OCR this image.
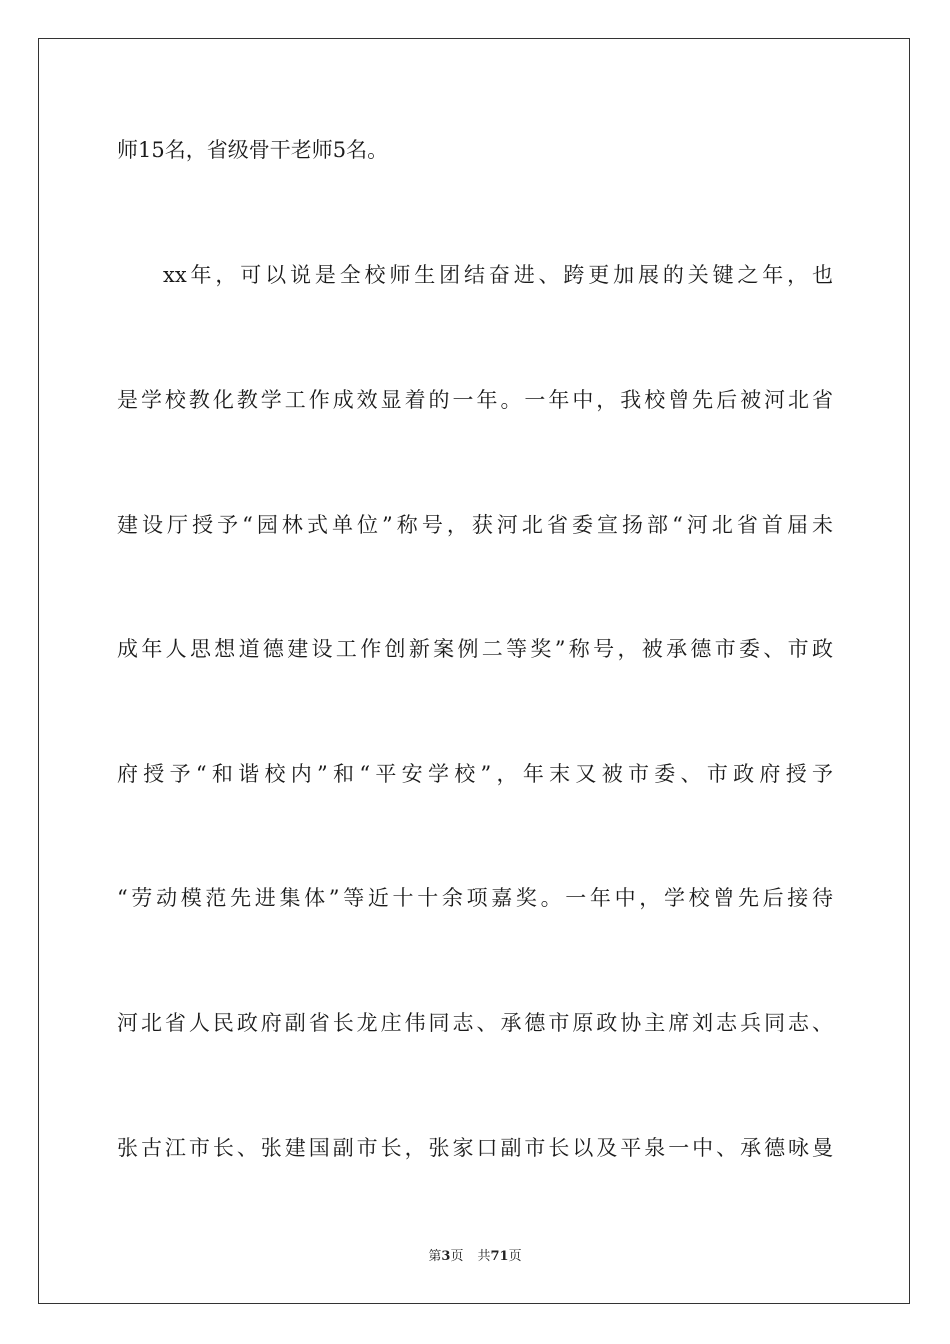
师15名，省级骨干老师5名。
xx年，可以说是全校师生团结奋进、跨更加展的关键之年，也
是学校教化教学工作成效显着的一年。一年中，我校曾先后被河北省
建设厅授予“园林式单位”称号，获河北省委宣扬部“河北省首届未
成年人思想道德建设工作创新案例二等奖”称号，被承德市委、市政
府授予“和谐校内”和“平安学校”，年末又被市委、市政府授予
“劳动模范先进集体”等近十十余项嘉奖。一年中，学校曾先后接待
河北省人民政府副省长龙庄伟同志、承德市原政协主席刘志兵同志、
张古江市长、张建国副市长，张家口副市长以及平泉一中、承德咏曼
第3页 共71页
